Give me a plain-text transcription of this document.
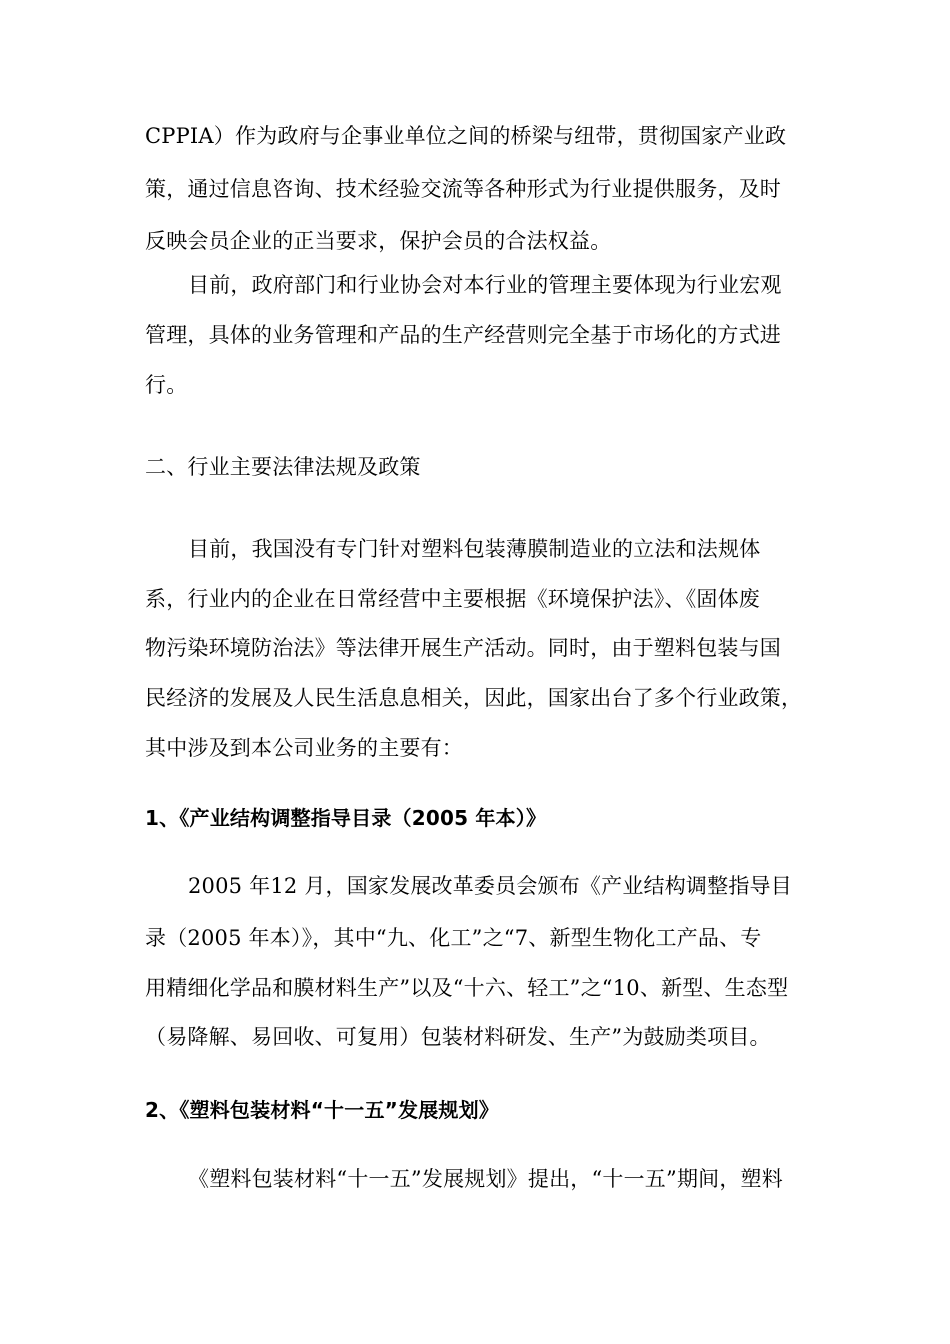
CPPIA）作为政府与企事业单位之间的桥梁与纽带，贯彻国家产业政
策，通过信息咨询、技术经验交流等各种形式为行业提供服务，及时
反映会员企业的正当要求，保护会员的合法权益。
目前，政府部门和行业协会对本行业的管理主要体现为行业宏观
管理，具体的业务管理和产品的生产经营则完全基于市场化的方式进
行。
二、行业主要法律法规及政策
目前，我国没有专门针对塑料包装薄膜制造业的立法和法规体
系，行业内的企业在日常经营中主要根据《环境保护法》、《固体废
物污染环境防治法》等法律开展生产活动。同时，由于塑料包装与国
民经济的发展及人民生活息息相关，因此，国家出台了多个行业政策，
其中涉及到本公司业务的主要有：
1、《产业结构调整指导目录（2005 年本）》
2005 年12 月，国家发展改革委员会颁布《产业结构调整指导目
录（2005 年本）》，其中“九、化工”之“7、新型生物化工产品、专
用精细化学品和膜材料生产”以及“十六、轻工”之“10、新型、生态型
（易降解、易回收、可复用）包装材料研发、生产”为鼓励类项目。
2、《塑料包装材料“十一五”发展规划》
《塑料包装材料“十一五”发展规划》提出，“十一五”期间，塑料
